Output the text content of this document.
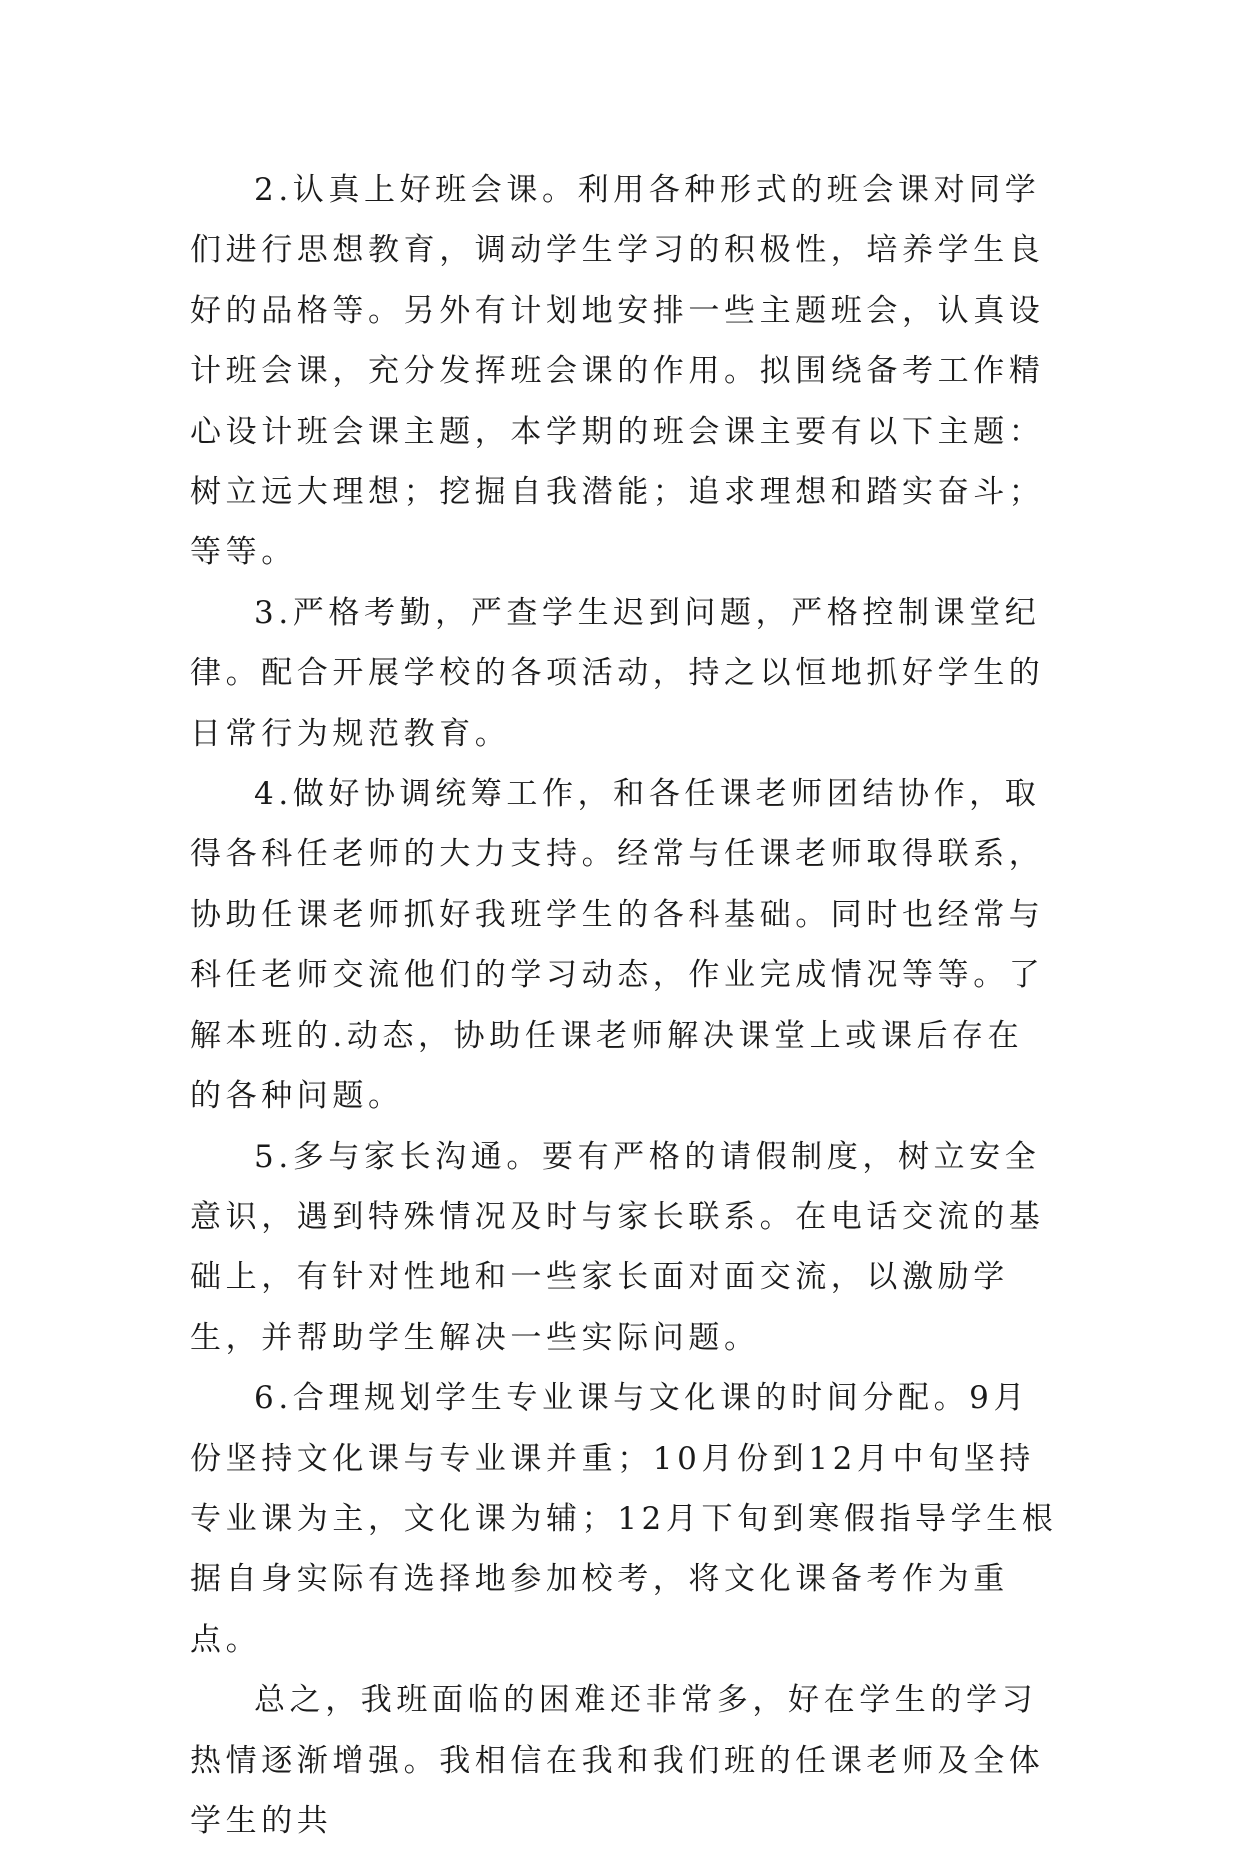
2.认真上好班会课。利用各种形式的班会课对同学们进行思想教育，调动学生学习的积极性，培养学生良好的品格等。另外有计划地安排一些主题班会，认真设计班会课，充分发挥班会课的作用。拟围绕备考工作精心设计班会课主题，本学期的班会课主要有以下主题：树立远大理想；挖掘自我潜能；追求理想和踏实奋斗；等等。

3.严格考勤，严查学生迟到问题，严格控制课堂纪律。配合开展学校的各项活动，持之以恒地抓好学生的日常行为规范教育。

4.做好协调统筹工作，和各任课老师团结协作，取得各科任老师的大力支持。经常与任课老师取得联系，协助任课老师抓好我班学生的各科基础。同时也经常与科任老师交流他们的学习动态，作业完成情况等等。了解本班的.动态，协助任课老师解决课堂上或课后存在的各种问题。

5.多与家长沟通。要有严格的请假制度，树立安全意识，遇到特殊情况及时与家长联系。在电话交流的基础上，有针对性地和一些家长面对面交流，以激励学生，并帮助学生解决一些实际问题。

6.合理规划学生专业课与文化课的时间分配。9月份坚持文化课与专业课并重；10月份到12月中旬坚持专业课为主，文化课为辅；12月下旬到寒假指导学生根据自身实际有选择地参加校考，将文化课备考作为重点。

总之，我班面临的困难还非常多，好在学生的学习热情逐渐增强。我相信在我和我们班的任课老师及全体学生的共
